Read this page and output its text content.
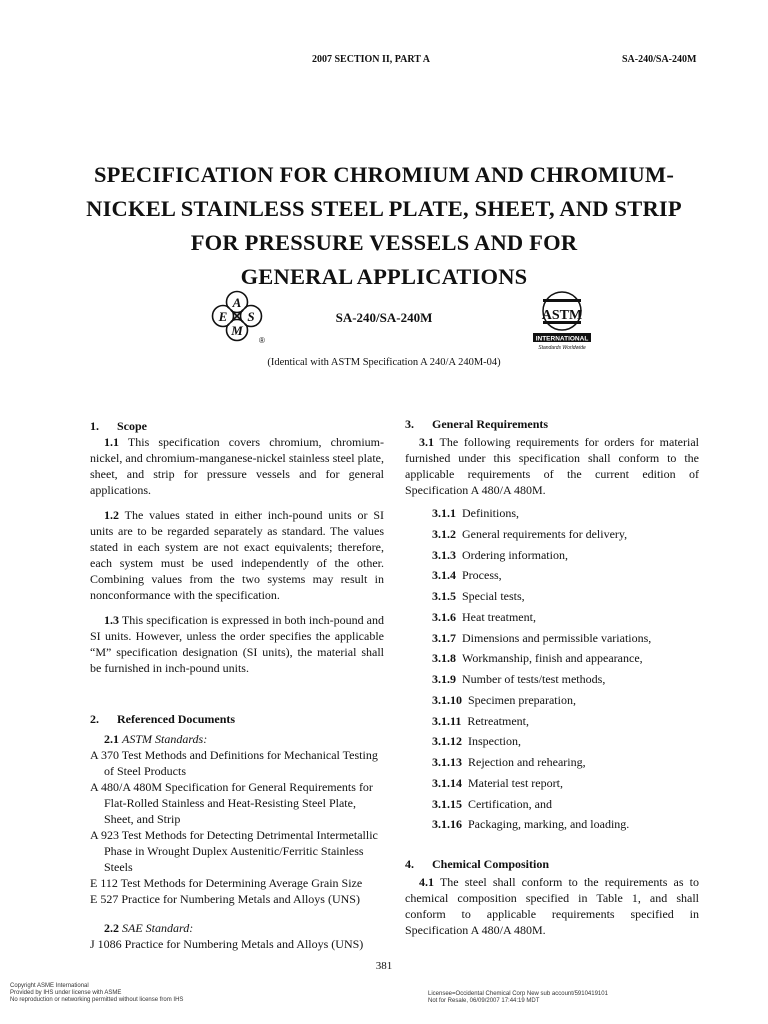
2007 SECTION II, PART A	SA-240/SA-240M
SPECIFICATION FOR CHROMIUM AND CHROMIUM-
NICKEL STAINLESS STEEL PLATE, SHEET, AND STRIP
FOR PRESSURE VESSELS AND FOR
GENERAL APPLICATIONS
A
E S
M
®
SA-240/SA-240M	ASTM
INTERNATIONAL
Standards Worldwide
(Identical with ASTM Specification A 240/A 240M-04)
1. Scope

1.1 This specification covers chromium, chromium-nickel, and chromium-manganese-nickel stainless steel plate, sheet, and strip for pressure vessels and for general applications.

1.2 The values stated in either inch-pound units or SI units are to be regarded separately as standard. The values stated in each system are not exact equivalents; therefore, each system must be used independently of the other. Combining values from the two systems may result in nonconformance with the specification.

1.3 This specification is expressed in both inch-pound and SI units. However, unless the order specifies the applicable “M” specification designation (SI units), the material shall be furnished in inch-pound units.

2. Referenced Documents

2.1 ASTM Standards:

A 370 Test Methods and Definitions for Mechanical Testing of Steel Products

A 480/A 480M Specification for General Requirements for Flat-Rolled Stainless and Heat-Resisting Steel Plate, Sheet, and Strip

A 923 Test Methods for Detecting Detrimental Intermetallic Phase in Wrought Duplex Austenitic/Ferritic Stainless Steels

E 112 Test Methods for Determining Average Grain Size

E 527 Practice for Numbering Metals and Alloys (UNS)

2.2 SAE Standard:

J 1086 Practice for Numbering Metals and Alloys (UNS)

3. General Requirements

3.1 The following requirements for orders for material furnished under this specification shall conform to the applicable requirements of the current edition of Specification A 480/A 480M.

3.1.1  Definitions,

3.1.2  General requirements for delivery,

3.1.3  Ordering information,

3.1.4  Process,

3.1.5  Special tests,

3.1.6  Heat treatment,

3.1.7  Dimensions and permissible variations,

3.1.8  Workmanship, finish and appearance,

3.1.9  Number of tests/test methods,

3.1.10  Specimen preparation,

3.1.11  Retreatment,

3.1.12  Inspection,

3.1.13  Rejection and rehearing,

3.1.14  Material test report,

3.1.15  Certification, and

3.1.16  Packaging, marking, and loading.

4. Chemical Composition

4.1 The steel shall conform to the requirements as to chemical composition specified in Table 1, and shall conform to applicable requirements specified in Specification A 480/A 480M.

381
Copyright ASME International
Provided by IHS under license with ASME
No reproduction or networking permitted without license from IHS
Licensee=Occidental Chemical Corp New sub account/5910419101
Not for Resale, 06/09/2007 17:44:19 MDT
